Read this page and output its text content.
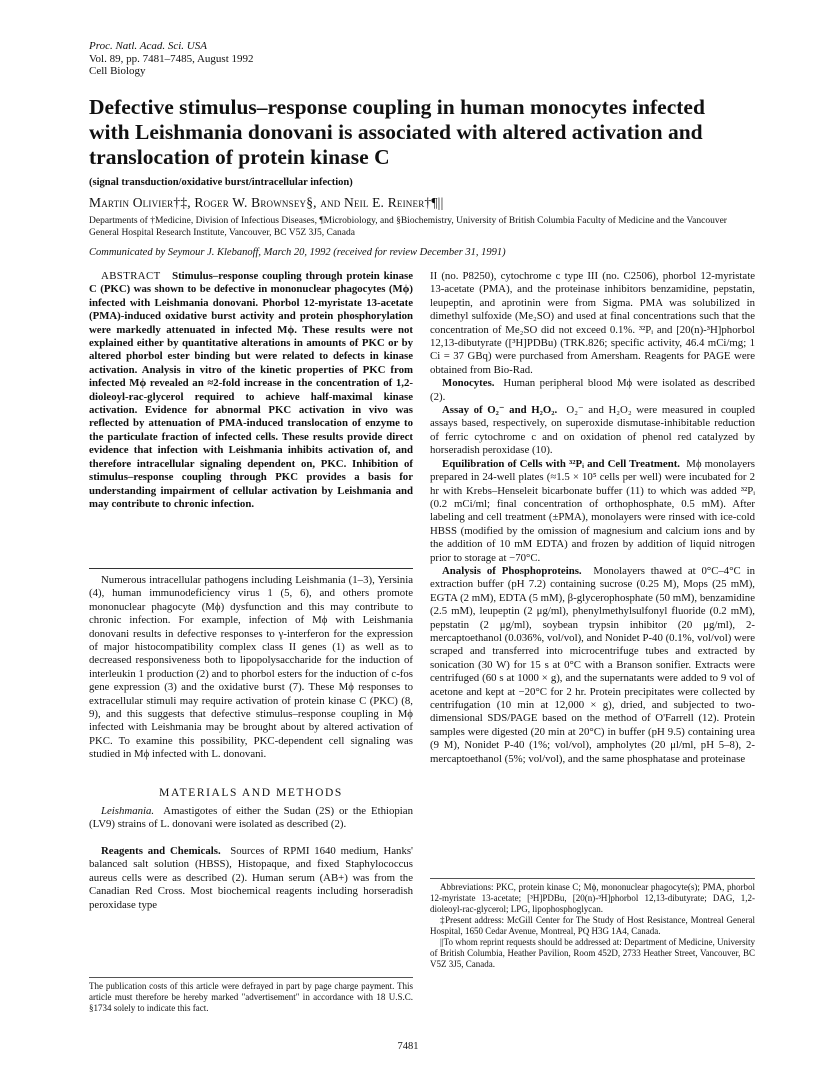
Proc. Natl. Acad. Sci. USA
Vol. 89, pp. 7481–7485, August 1992
Cell Biology
Defective stimulus–response coupling in human monocytes infected with Leishmania donovani is associated with altered activation and translocation of protein kinase C
(signal transduction/oxidative burst/intracellular infection)
Martin Olivier†‡, Roger W. Brownsey§, and Neil E. Reiner†¶||
Departments of †Medicine, Division of Infectious Diseases, ¶Microbiology, and §Biochemistry, University of British Columbia Faculty of Medicine and the Vancouver General Hospital Research Institute, Vancouver, BC V5Z 3J5, Canada
Communicated by Seymour J. Klebanoff, March 20, 1992 (received for review December 31, 1991)
ABSTRACT Stimulus–response coupling through protein kinase C (PKC) was shown to be defective in mononuclear phagocytes (Mϕ) infected with Leishmania donovani. Phorbol 12-myristate 13-acetate (PMA)-induced oxidative burst activity and protein phosphorylation were markedly attenuated in infected Mϕ. These results were not explained either by quantitative alterations in amounts of PKC or by altered phorbol ester binding but were related to defects in kinase activation. Analysis in vitro of the kinetic properties of PKC from infected Mϕ revealed an ≈2-fold increase in the concentration of 1,2-dioleoyl-rac-glycerol required to achieve half-maximal kinase activation. Evidence for abnormal PKC activation in vivo was reflected by attenuation of PMA-induced translocation of enzyme to the particulate fraction of infected cells. These results provide direct evidence that infection with Leishmania inhibits activation of, and therefore intracellular signaling dependent on, PKC. Inhibition of stimulus–response coupling through PKC provides a basis for understanding impairment of cellular activation by Leishmania and may contribute to chronic infection.
Numerous intracellular pathogens including Leishmania (1–3), Yersinia (4), human immunodeficiency virus 1 (5, 6), and others promote mononuclear phagocyte (Mϕ) dysfunction and this may contribute to chronic infection. For example, infection of Mϕ with Leishmania donovani results in defective responses to γ-interferon for the expression of major histocompatibility complex class II genes (1) as well as to decreased responsiveness both to lipopolysaccharide for the induction of interleukin 1 production (2) and to phorbol esters for the induction of c-fos gene expression (3) and the oxidative burst (7). These Mϕ responses to extracellular stimuli may require activation of protein kinase C (PKC) (8, 9), and this suggests that defective stimulus–response coupling in Mϕ infected with Leishmania may be brought about by altered activation of PKC. To examine this possibility, PKC-dependent cell signaling was studied in Mϕ infected with L. donovani.
MATERIALS AND METHODS
Leishmania. Amastigotes of either the Sudan (2S) or the Ethiopian (LV9) strains of L. donovani were isolated as described (2).
Reagents and Chemicals. Sources of RPMI 1640 medium, Hanks' balanced salt solution (HBSS), Histopaque, and fixed Staphylococcus aureus cells were as described (2). Human serum (AB+) was from the Canadian Red Cross. Most biochemical reagents including horseradish peroxidase type
The publication costs of this article were defrayed in part by page charge payment. This article must therefore be hereby marked "advertisement" in accordance with 18 U.S.C. §1734 solely to indicate this fact.

II (no. P8250), cytochrome c type III (no. C2506), phorbol 12-myristate 13-acetate (PMA), and the proteinase inhibitors benzamidine, pepstatin, leupeptin, and aprotinin were from Sigma. PMA was solubilized in dimethyl sulfoxide (Me₂SO) and used at final concentrations such that the concentration of Me₂SO did not exceed 0.1%. ³²Pᵢ and [20(n)-³H]phorbol 12,13-dibutyrate ([³H]PDBu) (TRK.826; specific activity, 46.4 mCi/mg; 1 Ci = 37 GBq) were purchased from Amersham. Reagents for PAGE were obtained from Bio-Rad.

Monocytes. Human peripheral blood Mϕ were isolated as described (2).

Assay of O₂⁻ and H₂O₂. O₂⁻ and H₂O₂ were measured in coupled assays based, respectively, on superoxide dismutase-inhibitable reduction of ferric cytochrome c and on oxidation of phenol red catalyzed by horseradish peroxidase (10).

Equilibration of Cells with ³²Pᵢ and Cell Treatment. Mϕ monolayers prepared in 24-well plates (≈1.5 × 10⁵ cells per well) were incubated for 2 hr with Krebs–Henseleit bicarbonate buffer (11) to which was added ³²Pᵢ (0.2 mCi/ml; final concentration of orthophosphate, 0.5 mM). After labeling and cell treatment (±PMA), monolayers were rinsed with ice-cold HBSS (modified by the omission of magnesium and calcium ions and by the addition of 10 mM EDTA) and frozen by addition of liquid nitrogen prior to storage at −70°C.

Analysis of Phosphoproteins. Monolayers thawed at 0°C–4°C in extraction buffer (pH 7.2) containing sucrose (0.25 M), Mops (25 mM), EGTA (2 mM), EDTA (5 mM), β-glycerophosphate (50 mM), benzamidine (2.5 mM), leupeptin (2 μg/ml), phenylmethylsulfonyl fluoride (0.2 mM), pepstatin (2 μg/ml), soybean trypsin inhibitor (20 μg/ml), 2-mercaptoethanol (0.036%, vol/vol), and Nonidet P-40 (0.1%, vol/vol) were scraped and transferred into microcentrifuge tubes and extracted by sonication (30 W) for 15 s at 0°C with a Branson sonifier. Extracts were centrifuged (60 s at 1000 × g), and the supernatants were added to 9 vol of acetone and kept at −20°C for 2 hr. Protein precipitates were collected by centrifugation (10 min at 12,000 × g), dried, and subjected to two-dimensional SDS/PAGE based on the method of O'Farrell (12). Protein samples were digested (20 min at 20°C) in buffer (pH 9.5) containing urea (9 M), Nonidet P-40 (1%; vol/vol), ampholytes (20 μl/ml, pH 5–8), 2-mercaptoethanol (5%; vol/vol), and the same phosphatase and proteinase

Abbreviations: PKC, protein kinase C; Mϕ, mononuclear phagocyte(s); PMA, phorbol 12-myristate 13-acetate; [³H]PDBu, [20(n)-³H]phorbol 12,13-dibutyrate; DAG, 1,2-dioleoyl-rac-glycerol; LPG, lipophosphoglycan.

‡Present address: McGill Center for The Study of Host Resistance, Montreal General Hospital, 1650 Cedar Avenue, Montreal, PQ H3G 1A4, Canada.

||To whom reprint requests should be addressed at: Department of Medicine, University of British Columbia, Heather Pavilion, Room 452D, 2733 Heather Street, Vancouver, BC V5Z 3J5, Canada.

7481
